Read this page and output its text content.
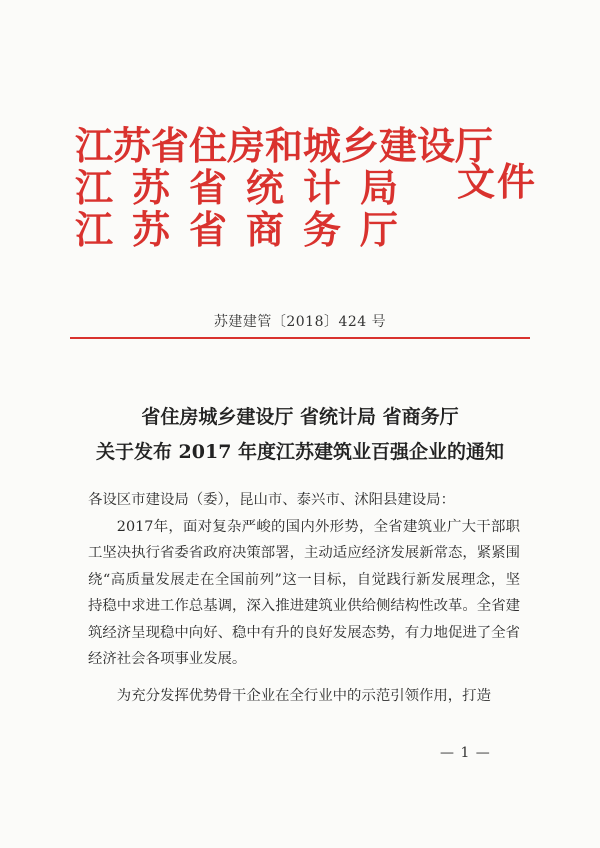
江苏省住房和城乡建设厅
江苏省统计局
江苏省商务厅
文件
苏建建管〔2018〕424 号
省住房城乡建设厅 省统计局 省商务厅
关于发布 2017 年度江苏建筑业百强企业的通知

各设区市建设局（委），昆山市、泰兴市、沭阳县建设局：

2017年，面对复杂严峻的国内外形势，全省建筑业广大干部职工坚决执行省委省政府决策部署，主动适应经济发展新常态，紧紧围绕“高质量发展走在全国前列”这一目标，自觉践行新发展理念，坚持稳中求进工作总基调，深入推进建筑业供给侧结构性改革。全省建筑经济呈现稳中向好、稳中有升的良好发展态势，有力地促进了全省经济社会各项事业发展。

为充分发挥优势骨干企业在全行业中的示范引领作用，打造

— 1 —
